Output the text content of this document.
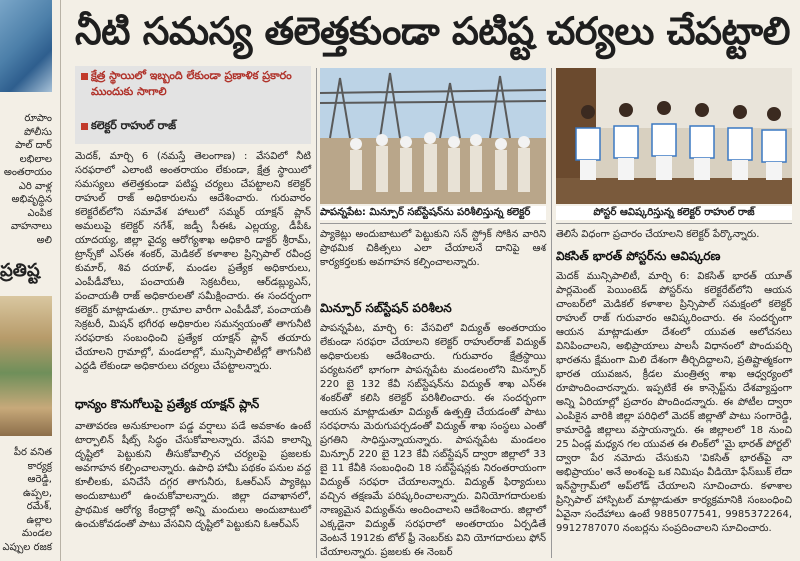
రూపాం

పోలీసు

పాల్ దార్

లభిలాల

అంతరాయం

ఎరి వాళ్ల

అభివృద్ధిన

ఎంపిక

వాహనాలు అలి

ప్రతిష్ట

పీర వనిత

కార్యక్ర

ఆరెడ్డి,

ఉప్పల,

రమేశ్,

ఉల్లాల

మండల

ఎప్పుల రజక

నీటి సమస్య తలెత్తకుండా పటిష్ట చర్యలు చేపట్టాలి
క్షేత్ర స్థాయిలో ఇబ్బంది లేకుండా ప్రణాళిక ప్రకారం ముందుకు సాగాలి
కలెక్టర్ రాహుల్ రాజ్

మెదక్, మార్చి 6 (నమస్తే తెలంగాణ) : వేసవిలో నీటి సరఫరాలో ఎలాంటి అంతరాయం లేకుండా, క్షేత్ర స్థాయిలో సమస్యలు తలెత్తకుండా పటిష్ట చర్యలు చేపట్టాలని కలెక్టర్ రాహుల్ రాజ్ అధికారులను ఆదేశించారు. గురువారం కలెక్టరేట్‌లోని సమావేశ హాలులో సమ్మర్ యాక్షన్ ప్లాన్ అమలుపై కలెక్టర్ నగేశ్, జడ్పీ సీఈఓ ఎల్లయ్య, డీపీఓ యాదయ్య, జిల్లా వైద్య ఆరోగ్యశాఖ అధికారి డాక్టర్ శ్రీరామ్, ట్రాన్స్‌కో ఎస్ఈ శంకర్, మెడికల్ కళాశాల ప్రిన్సిపాల్ రవీంద్ర కుమార్, శివ దయాళ్, మండల ప్రత్యేక అధికారులు, ఎంపీడీవోలు, పంచాయతీ సెక్రటరీలు, ఆర్‌డబ్ల్యుఎస్, పంచాయతీ రాజ్ అధికారులతో సమీక్షించారు. ఈ సందర్భంగా కలెక్టర్ మాట్లాడుతూ.. గ్రామాల వారీగా ఎంపీడీవో, పంచాయతీ సెక్రటరీ, మిషన్ భగీరథ అధికారుల సమన్వయంతో తాగునీటి సరఫరాకు సంబంధించి ప్రత్యేక యాక్షన్ ప్లాన్ తయారు చేయాలని గ్రామాల్లో, మండలాల్లో, మున్సిపాలిటీల్లో తాగునీటి ఎద్దడి లేకుండా అధికారులు చర్యలు చేపట్టాలన్నారు.

ధాన్యం కొనుగోలుపై ప్రత్యేక యాక్షన్ ప్లాన్

వాతావరణ అనుకూలంగా పడ్డ వర్షాలు పడే అవకాశం ఉంటే టార్పాలిన్ షీట్స్ సిద్ధం చేసుకోవాలన్నారు. వేసవి కాలాన్ని దృష్టిలో పెట్టుకుని తీసుకోవాల్సిన చర్యలపై ప్రజలకు అవగాహన కల్పించాలన్నారు. ఉపాధి హామీ పథకం పనుల వద్ద కూలీలకు, పనిచేసే దగ్గర తాగునీరు, ఓఆర్ఎస్ ప్యాకెట్లు అందుబాటులో ఉంచుకోవాలన్నారు. జిల్లా దవాఖానలో, ప్రాథమిక ఆరోగ్య కేంద్రాల్లో అన్ని మందులు అందుబాటులో ఉంచుకోవడంతో పాటు వేసవిని దృష్టిలో పెట్టుకుని ఓఆర్ఎస్

పాపన్నపేట: మిన్పూర్ సబ్‌స్టేషన్‌ను పరిశీలిస్తున్న కలెక్టర్

ప్యాకెట్లు అందుబాటులో పెట్టుకుని సన్ స్ట్రోక్ సోకిన వారిని ప్రాథమిక చికిత్సలు ఎలా చేయాలనే దానిపై ఆశ కార్యకర్తలకు అవగాహన కల్పించాలన్నారు.

మిన్పూర్ సబ్‌స్టేషన్ పరిశీలన

పాపన్నపేట, మార్చి 6: వేసవిలో విద్యుత్ అంతరాయం లేకుండా సరఫరా చేయాలని కలెక్టర్ రాహుల్‌రాజ్ విద్యుత్ అధికారులకు ఆదేశించారు. గురువారం క్షేత్రస్థాయి పర్యటనలో భాగంగా పాపన్నపేట మండలంలోని మిన్పూర్ 220 బై 132 కేవీ సబ్‌స్టేషన్‌ను విద్యుత్ శాఖ ఎస్ఈ శంకర్‌తో కలిసి కలెక్టర్ పరిశీలించారు. ఈ సందర్భంగా ఆయన మాట్లాడుతూ విద్యుత్ ఉత్పత్తి చేయడంతో పాటు సరఫరాను మెరుగుపర్చడంతో విద్యుత్ శాఖ సంస్థలు ఎంతో ప్రగతిని సాధిస్తున్నాయన్నారు. పాపన్నపేట మండలం మిన్పూర్ 220 బై 123 కేవీ సబ్‌స్టేషన్ ద్వారా జిల్లాలో 33 బై 11 కేవీకి సంబంధించి 18 సబ్‌స్టేషన్లకు నిరంతరాయంగా విద్యుత్ సరఫరా చేయాలన్నారు. విద్యుత్ ఫిర్యాదులు వచ్చిన తక్షణమే పరిష్కరించాలన్నారు. వినియోగదారులకు నాణ్యమైన విద్యుత్‌ను అందించాలని ఆదేశించారు. జిల్లాలో ఎక్కడైనా విద్యుత్ సరఫరాలో అంతరాయం ఏర్పడితే వెంటనే 1912కు టోల్ ఫ్రీ నెంబర్‌కు విని యోగదారులు ఫోన్ చేయాలన్నారు. ప్రజలకు ఈ నెంబర్

పోస్టర్ ఆవిష్కరిస్తున్న కలెక్టర్ రాహుల్ రాజ్

తెలిసే విధంగా ప్రచారం చేయాలని కలెక్టర్ పేర్కొన్నారు.

వికసిత్ భారత్ పోస్టర్‌ను ఆవిష్కరణ

మెదక్ మున్సిపాలిటీ, మార్చి 6: వికసిత్ భారత్ యూత్ పార్లమెంట్ పెయింటెడ్ పోస్టర్‌ను కలెక్టరేట్‌లోని ఆయన చాంబర్‌లో మెడికల్ కళాశాల ప్రిన్సిపాల్ సమక్షంలో కలెక్టర్ రాహుల్ రాజ్ గురువారం ఆవిష్కరించారు. ఈ సందర్భంగా ఆయన మాట్లాడుతూ దేశంలో యువత ఆలోచనలు వినిపించాలని, అభిప్రాయాలు పాలసీ విధానంలో పొందుపర్చి భారతను క్షేమంగా మిలి దేశంగా తీర్చిదిద్దాలని, ప్రతిష్టాత్మకంగా భారత యువజన, క్రీడల మంత్రిత్వ శాఖ ఆధ్వర్యంలో రూపొందించారన్నారు. ఇప్పటికే ఈ కాన్సెప్ట్‌ను దేశవ్యాప్తంగా అన్ని ఏరియాల్లో ప్రచారం పొందిందన్నారు. ఈ పోటీల ద్వారా ఎంపికైన వారికి జిల్లా పరిధిలో మెదక్ జిల్లాతో పాటు సంగారెడ్డి, కామారెడ్డి జిల్లాలు వస్తాయన్నారు. ఈ జిల్లాలలో 18 నుంచి 25 ఏండ్ల మధ్యన గల యువత ఈ లింక్‌లో 'మై భారత్ పోర్టల్' ద్వారా పేర నమోదు చేసుకుని 'వికసిత్ భారత్‌పై నా అభిప్రాయం' అనే అంశంపై ఒక నిమిషం వీడియో ఫేస్‌బుక్ లేదా ఇన్‌స్టాగ్రామ్‌లో అప్‌లోడ్ చేయాలని సూచించారు. కళాశాల ప్రిన్సిపాల్ హాస్పిటల్ మాట్లాడుతూ కార్యక్రమానికి సంబంధించి ఏవైనా సందేహాలు ఉంటే 9885077541, 9985372264, 9912787070 నంబర్లను సంప్రదించాలని సూచించారు.
